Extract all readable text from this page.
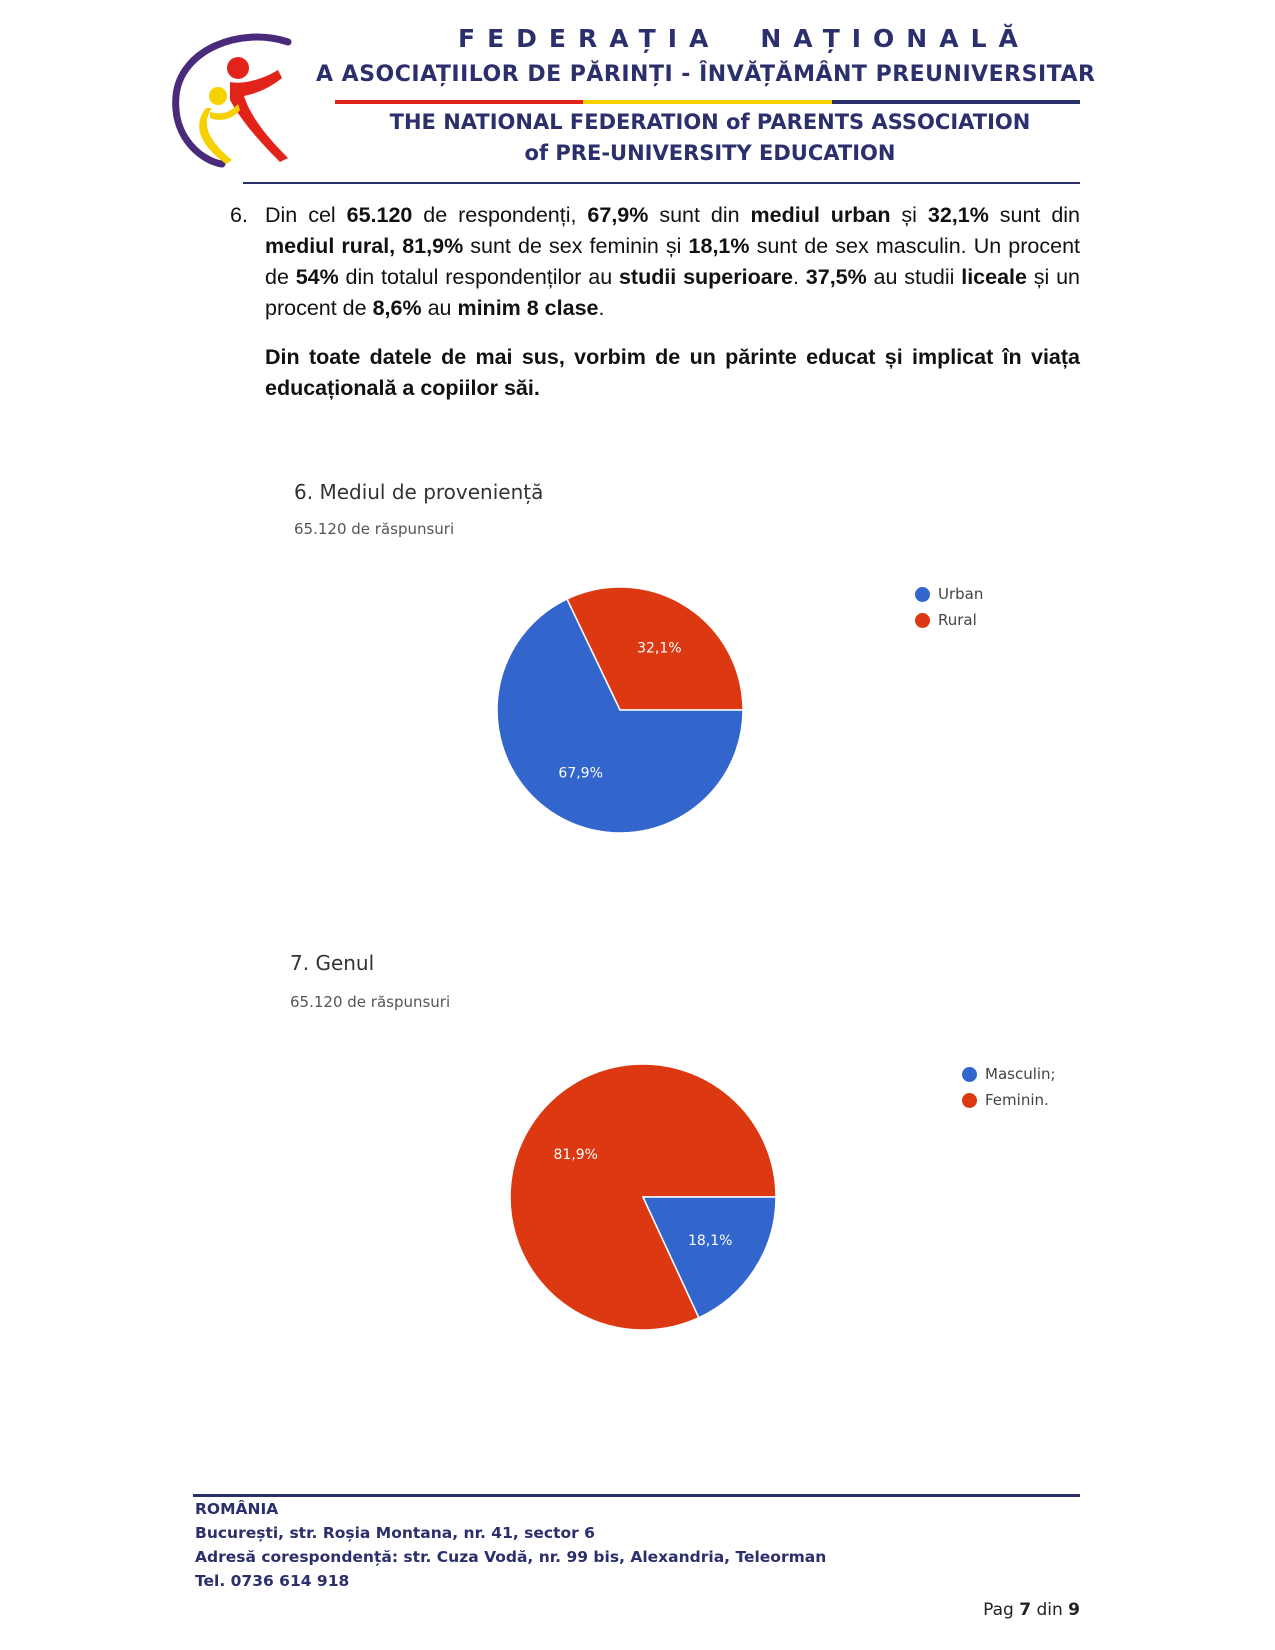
FEDERAȚIA NAȚIONALĂ
A ASOCIAȚIILOR DE PĂRINȚI - ÎNVĂȚĂMÂNT PREUNIVERSITAR
THE NATIONAL FEDERATION of PARENTS ASSOCIATION
of PRE-UNIVERSITY EDUCATION
6. Din cel 65.120 de respondenți, 67,9% sunt din mediul urban și 32,1% sunt din mediul rural, 81,9% sunt de sex feminin și 18,1% sunt de sex masculin. Un procent de 54% din totalul respondenților au studii superioare. 37,5% au studii liceale și un procent de 8,6% au minim 8 clase.
Din toate datele de mai sus, vorbim de un părinte educat și implicat în viața educațională a copiilor săi.
6. Mediul de proveniență
65.120 de răspunsuri
32,1%
67,9%
Urban
Rural
7. Genul
65.120 de răspunsuri
81,9%
18,1%
Masculin;
Feminin.
ROMÂNIA
București, str. Roșia Montana, nr. 41, sector 6
Adresă corespondență: str. Cuza Vodă, nr. 99 bis, Alexandria, Teleorman
Tel. 0736 614 918
Pag 7 din 9
